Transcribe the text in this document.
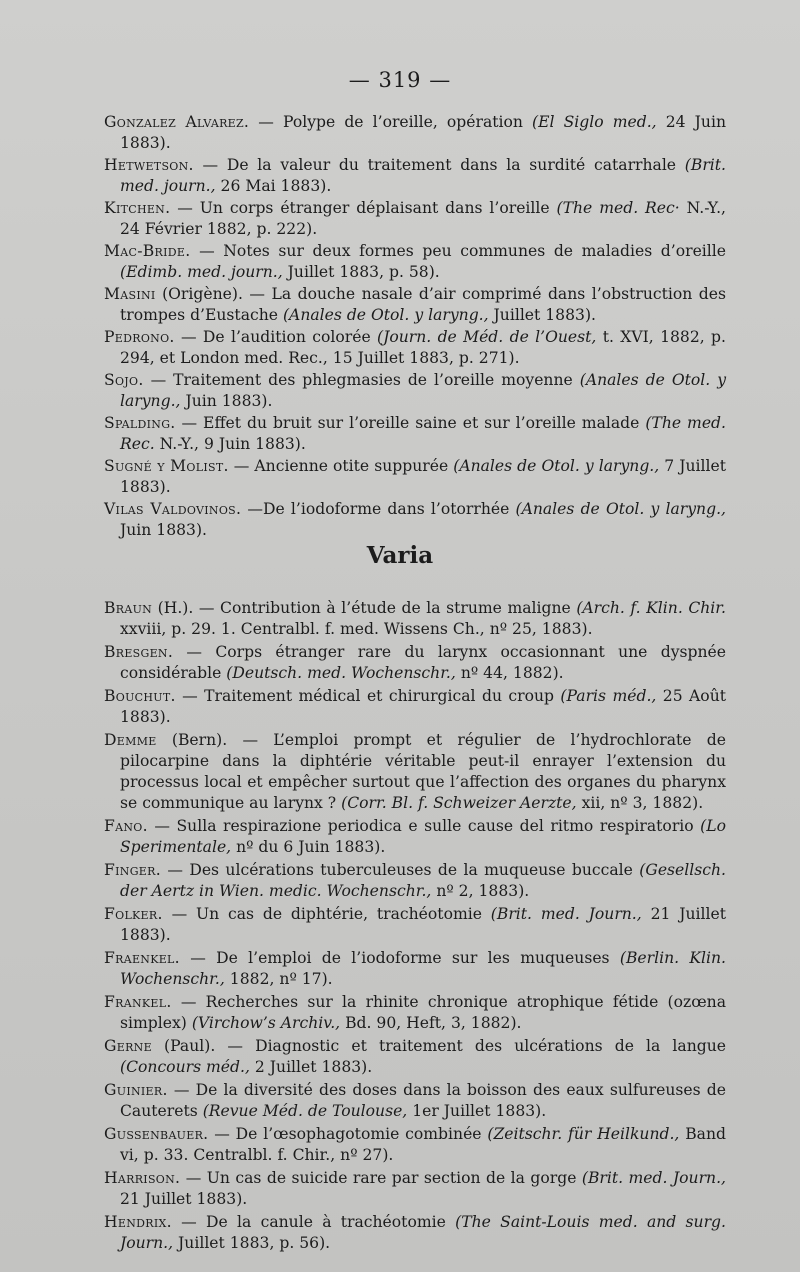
— 319 —
Gonzalez Alvarez. — Polype de l’oreille, opération (El Siglo med., 24 Juin 1883).
Hetwetson. — De la valeur du traitement dans la surdité catarrhale (Brit. med. journ., 26 Mai 1883).
Kitchen. — Un corps étranger déplaisant dans l’oreille (The med. Rec· N.-Y., 24 Février 1882, p. 222).
Mac-Bride. — Notes sur deux formes peu communes de maladies d’oreille (Edimb. med. journ., Juillet 1883, p. 58).
Masini (Origène). — La douche nasale d’air comprimé dans l’obstruction des trompes d’Eustache (Anales de Otol. y laryng., Juillet 1883).
Pedrono. — De l’audition colorée (Journ. de Méd. de l’Ouest, t. XVI, 1882, p. 294, et London med. Rec., 15 Juillet 1883, p. 271).
Sojo. — Traitement des phlegmasies de l’oreille moyenne (Anales de Otol. y laryng., Juin 1883).
Spalding. — Effet du bruit sur l’oreille saine et sur l’oreille malade (The med. Rec. N.-Y., 9 Juin 1883).
Sugné y Molist. — Ancienne otite suppurée (Anales de Otol. y laryng., 7 Juillet 1883).
Vilas Valdovinos. —De l’iodoforme dans l’otorrhée (Anales de Otol. y laryng., Juin 1883).
Varia
Braun (H.). — Contribution à l’étude de la strume maligne (Arch. f. Klin. Chir. xxviii, p. 29. 1. Centralbl. f. med. Wissens Ch., nº 25, 1883).
Bresgen. — Corps étranger rare du larynx occasionnant une dyspnée considérable (Deutsch. med. Wochenschr., nº 44, 1882).
Bouchut. — Traitement médical et chirurgical du croup (Paris méd., 25 Août 1883).
Demme (Bern). — L’emploi prompt et régulier de l’hydrochlorate de pilocarpine dans la diphtérie véritable peut-il enrayer l’extension du processus local et empêcher surtout que l’affection des organes du pharynx se communique au larynx ? (Corr. Bl. f. Schweizer Aerzte, xii, nº 3, 1882).
Fano. — Sulla respirazione periodica e sulle cause del ritmo respiratorio (Lo Sperimentale, nº du 6 Juin 1883).
Finger. — Des ulcérations tuberculeuses de la muqueuse buccale (Gesellsch. der Aertz in Wien. medic. Wochenschr., nº 2, 1883).
Folker. — Un cas de diphtérie, trachéotomie (Brit. med. Journ., 21 Juillet 1883).
Fraenkel. — De l’emploi de l’iodoforme sur les muqueuses (Berlin. Klin. Wochenschr., 1882, nº 17).
Frankel. — Recherches sur la rhinite chronique atrophique fétide (ozœna simplex) (Virchow’s Archiv., Bd. 90, Heft, 3, 1882).
Gerne (Paul). — Diagnostic et traitement des ulcérations de la langue (Concours méd., 2 Juillet 1883).
Guinier. — De la diversité des doses dans la boisson des eaux sulfureuses de Cauterets (Revue Méd. de Toulouse, 1er Juillet 1883).
Gussenbauer. — De l’œsophagotomie combinée (Zeitschr. für Heilkund., Band vi, p. 33. Centralbl. f. Chir., nº 27).
Harrison. — Un cas de suicide rare par section de la gorge (Brit. med. Journ., 21 Juillet 1883).
Hendrix. — De la canule à trachéotomie (The Saint-Louis med. and surg. Journ., Juillet 1883, p. 56).
